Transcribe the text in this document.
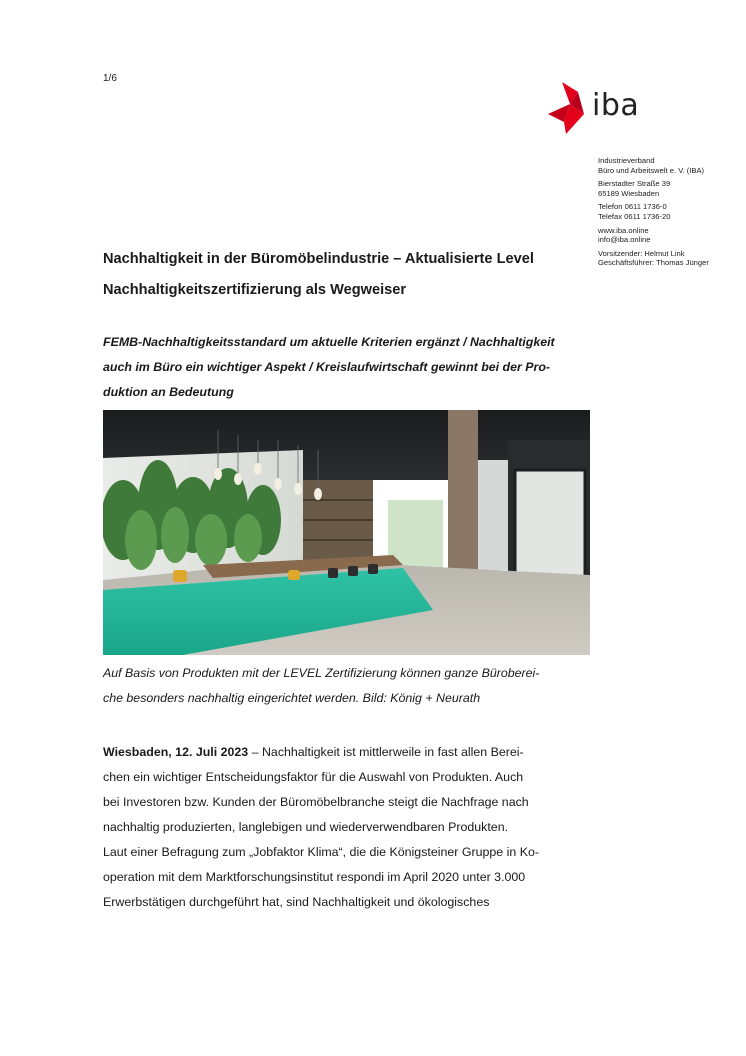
1/6
iba
Industrieverband
Büro und Arbeitswelt e. V. (IBA)
Bierstadter Straße 39
65189 Wiesbaden
Telefon 0611 1736-0
Telefax 0611 1736-20
www.iba.online
info@iba.online
Vorsitzender: Helmut Link
Geschäftsführer: Thomas Jünger
Nachhaltigkeit in der Büromöbelindustrie – Aktualisierte Level
Nachhaltigkeitszertifizierung als Wegweiser
FEMB-Nachhaltigkeitsstandard um aktuelle Kriterien ergänzt / Nachhaltigkeit
auch im Büro ein wichtiger Aspekt / Kreislaufwirtschaft gewinnt bei der Pro-
duktion an Bedeutung
Auf Basis von Produkten mit der LEVEL Zertifizierung können ganze Büroberei-
che besonders nachhaltig eingerichtet werden. Bild: König + Neurath
Wiesbaden, 12. Juli 2023 – Nachhaltigkeit ist mittlerweile in fast allen Berei-
chen ein wichtiger Entscheidungsfaktor für die Auswahl von Produkten. Auch
bei Investoren bzw. Kunden der Büromöbelbranche steigt die Nachfrage nach
nachhaltig produzierten, langlebigen und wiederverwendbaren Produkten.
Laut einer Befragung zum „Jobfaktor Klima“, die die Königsteiner Gruppe in Ko-
operation mit dem Marktforschungsinstitut respondi im April 2020 unter 3.000
Erwerbstätigen durchgeführt hat, sind Nachhaltigkeit und ökologisches
